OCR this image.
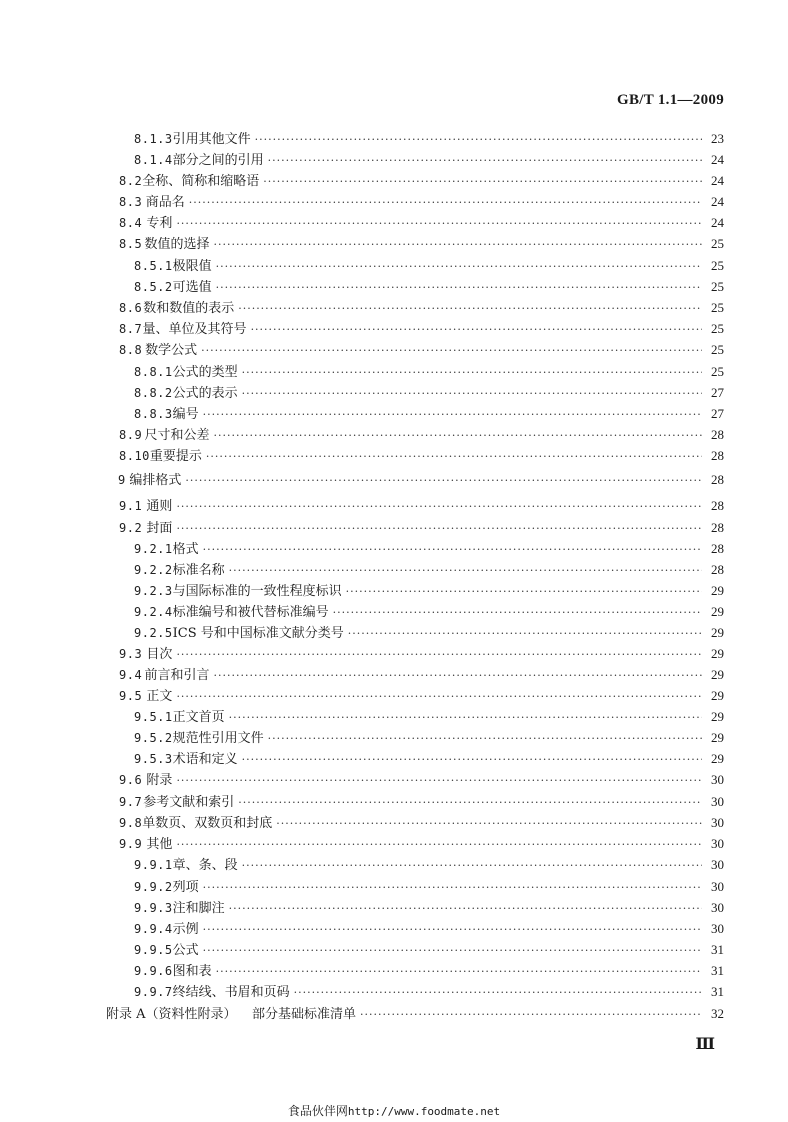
GB/T 1.1—2009
8.1.3 引用其他文件 ·····	23
8.1.4 部分之间的引用 ·····	24
8.2 全称、简称和缩略语 ·····	24
8.3 商品名 ·····	24
8.4 专利 ·····	24
8.5 数值的选择 ·····	25
8.5.1 极限值 ·····	25
8.5.2 可选值 ·····	25
8.6 数和数值的表示 ·····	25
8.7 量、单位及其符号 ·····	25
8.8 数学公式 ·····	25
8.8.1 公式的类型 ·····	25
8.8.2 公式的表示 ·····	27
8.8.3 编号 ·····	27
8.9 尺寸和公差 ·····	28
8.10 重要提示 ·····	28
9 编排格式 ·····	28
9.1 通则 ·····	28
9.2 封面 ·····	28
9.2.1 格式 ·····	28
9.2.2 标准名称 ·····	28
9.2.3 与国际标准的一致性程度标识 ·····	29
9.2.4 标准编号和被代替标准编号 ·····	29
9.2.5 ICS 号和中国标准文献分类号 ·····	29
9.3 目次 ·····	29
9.4 前言和引言 ·····	29
9.5 正文 ·····	29
9.5.1 正文首页 ·····	29
9.5.2 规范性引用文件 ·····	29
9.5.3 术语和定义 ·····	29
9.6 附录 ·····	30
9.7 参考文献和索引 ·····	30
9.8 单数页、双数页和封底 ·····	30
9.9 其他 ·····	30
9.9.1 章、条、段 ·····	30
9.9.2 列项 ·····	30
9.9.3 注和脚注 ·····	30
9.9.4 示例 ·····	30
9.9.5 公式 ·····	31
9.9.6 图和表 ·····	31
9.9.7 终结线、书眉和页码 ·····	31
附录 A（资料性附录）	部分基础标准清单 ·····	32
Ⅲ
食品伙伴网http://www.foodmate.net
